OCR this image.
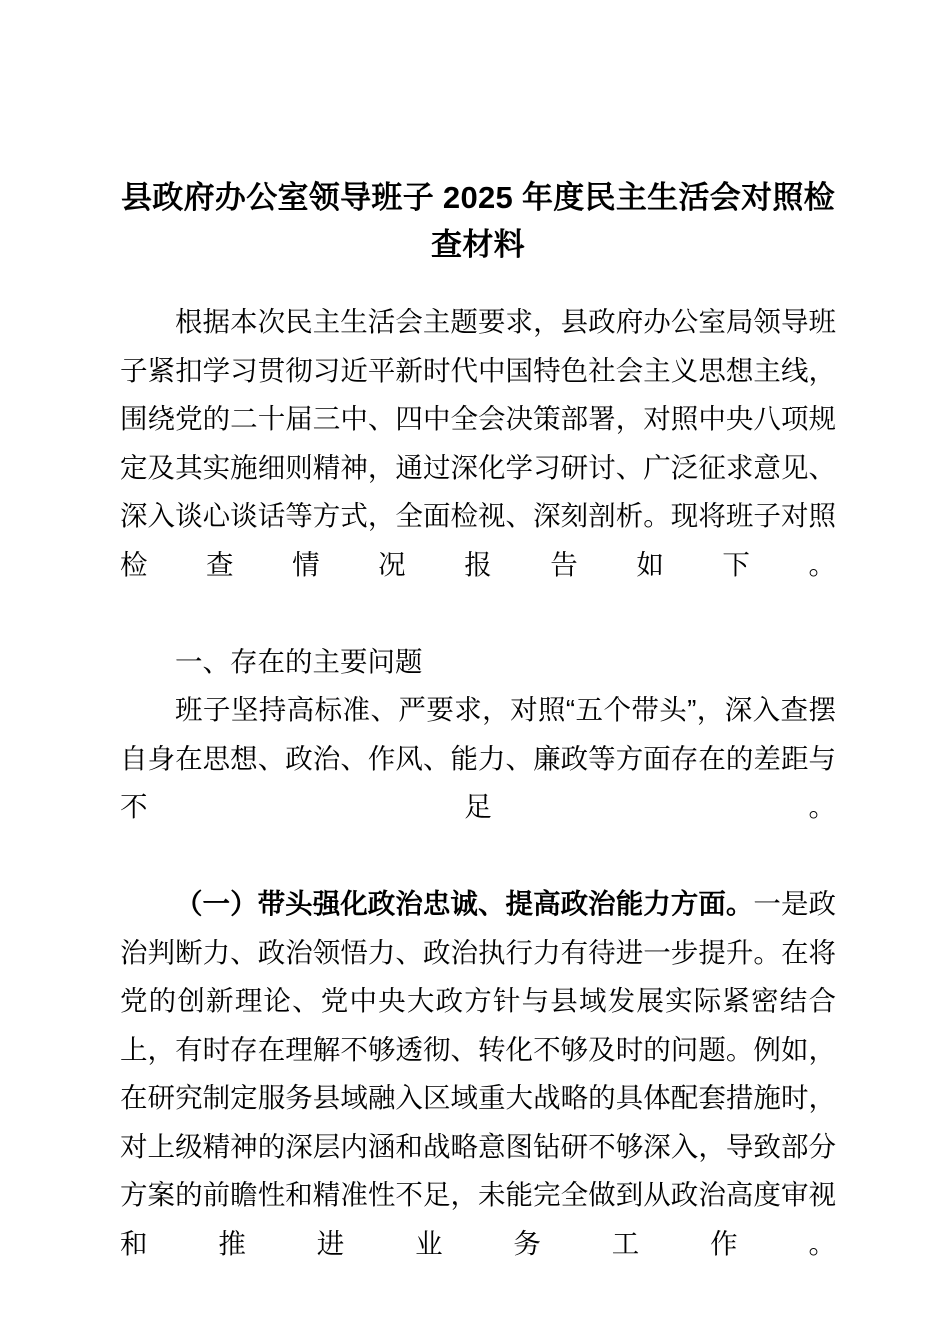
县政府办公室领导班子 2025 年度民主生活会对照检查材料

根据本次民主生活会主题要求，县政府办公室局领导班子紧扣学习贯彻习近平新时代中国特色社会主义思想主线，围绕党的二十届三中、四中全会决策部署，对照中央八项规定及其实施细则精神，通过深化学习研讨、广泛征求意见、深入谈心谈话等方式，全面检视、深刻剖析。现将班子对照检查情况报告如下。

一、存在的主要问题

班子坚持高标准、严要求，对照“五个带头”，深入查摆自身在思想、政治、作风、能力、廉政等方面存在的差距与不足。

（一）带头强化政治忠诚、提高政治能力方面。一是政治判断力、政治领悟力、政治执行力有待进一步提升。在将党的创新理论、党中央大政方针与县域发展实际紧密结合上，有时存在理解不够透彻、转化不够及时的问题。例如，在研究制定服务县域融入区域重大战略的具体配套措施时，对上级精神的深层内涵和战略意图钻研不够深入，导致部分方案的前瞻性和精准性不足，未能完全做到从政治高度审视和推进业务工作。
